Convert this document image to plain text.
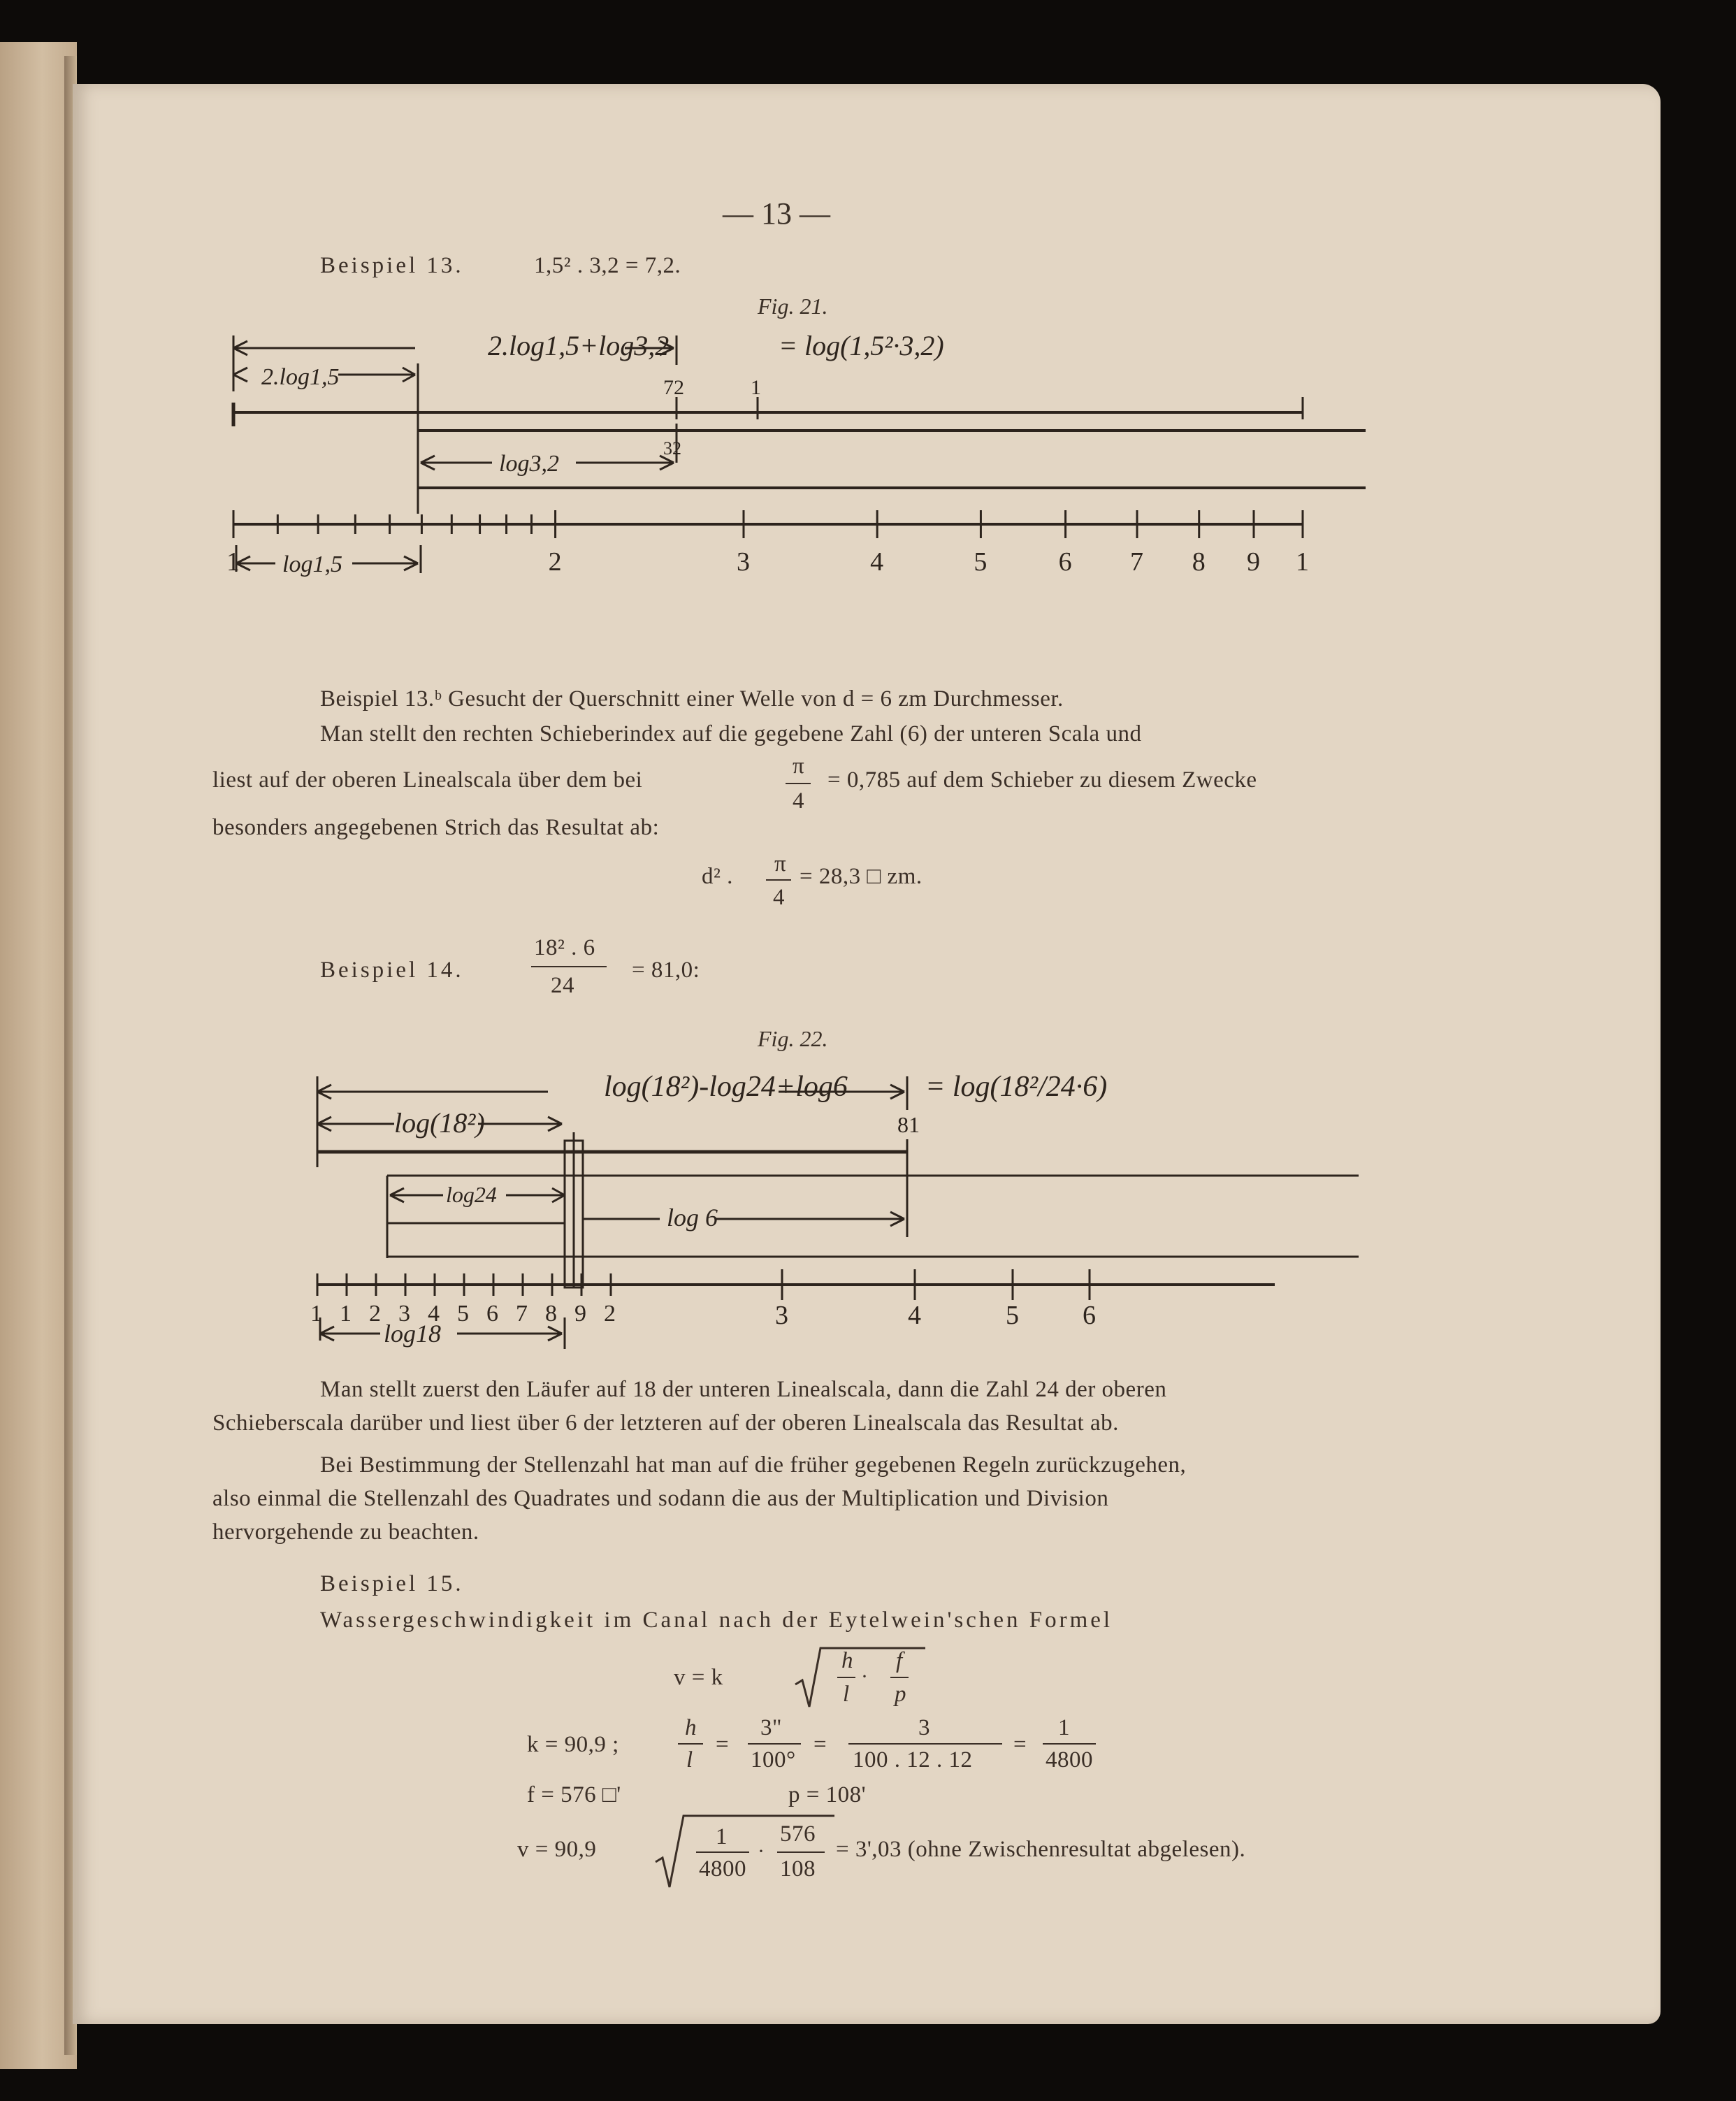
— 13 —
Beispiel 13.	1,5² . 3,2 = 7,2.
Fig. 21.
2.log1,5+log3,2	= log(1,5²·3,2)
2.log1,5	72	1
log3,2
32
log1,5
1	2	3	4	5	6 7 8 9 1
Beispiel 13.ᵇ Gesucht der Querschnitt einer Welle von d = 6 zm Durchmesser.
Man stellt den rechten Schieberindex auf die gegebene Zahl (6) der unteren Scala und
liest auf der oberen Linealscala über dem bei
π
4
= 0,785 auf dem Schieber zu diesem Zwecke
besonders angegebenen Strich das Resultat ab:
d² . π
4
= 28,3 □ zm.
Beispiel 14.
18² . 6
24
= 81,0:
Fig. 22.
log(18²)-log24+log6	= log(18²/24·6)
log(18²)	81
log24
log 6
log18
1 1 2 3 4 5 6 7 8 9 2	3	4	5 6
Man stellt zuerst den Läufer auf 18 der unteren Linealscala, dann die Zahl 24 der oberen
Schieberscala darüber und liest über 6 der letzteren auf der oberen Linealscala das Resultat ab.
Bei Bestimmung der Stellenzahl hat man auf die früher gegebenen Regeln zurückzugehen,
also einmal die Stellenzahl des Quadrates und sodann die aus der Multiplication und Division
hervorgehende zu beachten.
Beispiel 15.
Wassergeschwindigkeit im Canal nach der Eytelwein'schen Formel
v = k	·
h
l
f
p
k = 90,9 ;
h
l
=
3"
100°
=
3
100 . 12 . 12
=
1
4800
f = 576 □'	p = 108'
v = 90,9	·
1
4800
576
108
= 3',03 (ohne Zwischenresultat abgelesen).
